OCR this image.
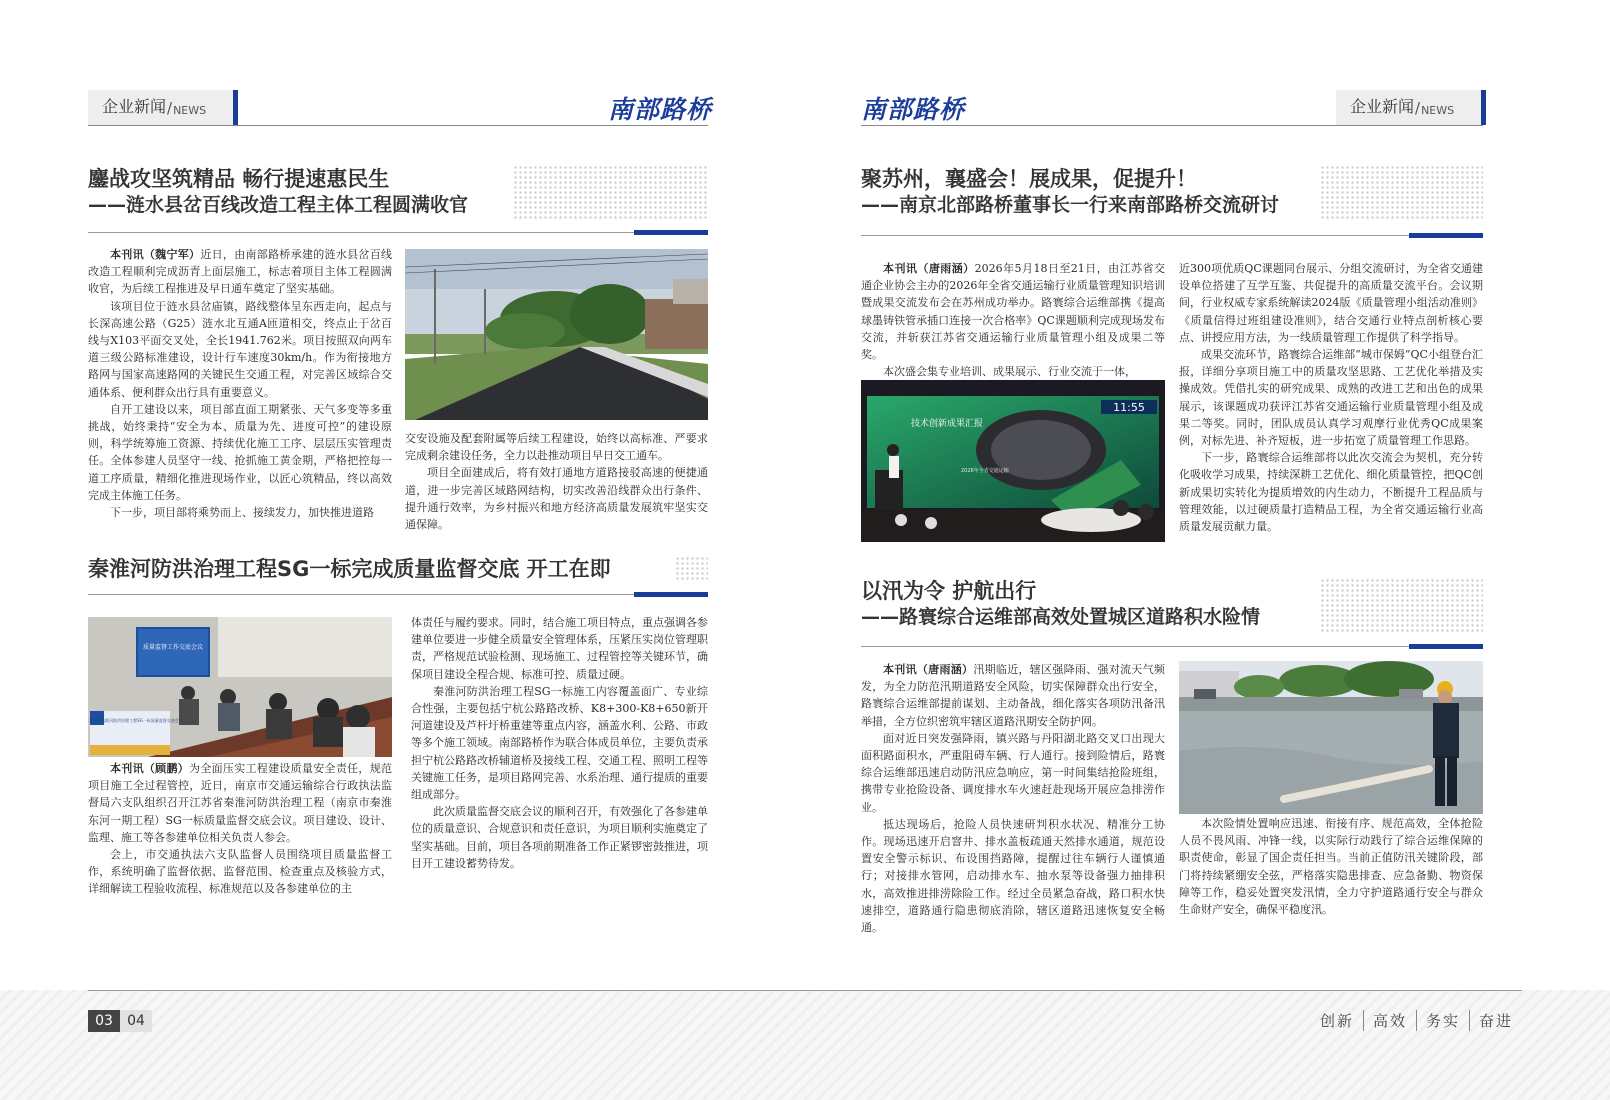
企业新闻 / NEWS	南部路桥
鏖战攻坚筑精品 畅行提速惠民生
——涟水县岔百线改造工程主体工程圆满收官

本刊讯（魏宁军）近日，由南部路桥承建的涟水县岔百线改造工程顺利完成沥青上面层施工，标志着项目主体工程圆满收官，为后续工程推进及早日通车奠定了坚实基础。

该项目位于涟水县岔庙镇，路线整体呈东西走向，起点与长深高速公路（G25）涟水北互通A匝道相交，终点止于岔百线与X103平面交叉处，全长1941.762米。项目按照双向两车道三级公路标准建设，设计行车速度30km/h。作为衔接地方路网与国家高速路网的关键民生交通工程，对完善区域综合交通体系、便利群众出行具有重要意义。

自开工建设以来，项目部直面工期紧张、天气多变等多重挑战，始终秉持“安全为本、质量为先、进度可控”的建设原则，科学统筹施工资源、持续优化施工工序、层层压实管理责任。全体参建人员坚守一线、抢抓施工黄金期，严格把控每一道工序质量，精细化推进现场作业，以匠心筑精品，终以高效完成主体施工任务。

下一步，项目部将乘势而上、接续发力，加快推进道路

交安设施及配套附属等后续工程建设，始终以高标准、严要求完成剩余建设任务，全力以赴推动项目早日交工通车。

项目全面建成后，将有效打通地方道路接驳高速的便捷通道，进一步完善区域路网结构，切实改善沿线群众出行条件、提升通行效率，为乡村振兴和地方经济高质量发展筑牢坚实交通保障。

秦淮河防洪治理工程SG一标完成质量监督交底 开工在即
质量监督工作交底会议
江苏省秦淮河防洪治理工程SG一标质量监督交底会议

本刊讯（顾鹏）为全面压实工程建设质量安全责任，规范项目施工全过程管控，近日，南京市交通运输综合行政执法监督局六支队组织召开江苏省秦淮河防洪治理工程（南京市秦淮东河一期工程）SG一标质量监督交底会议。项目建设、设计、监理、施工等各参建单位相关负责人参会。

会上，市交通执法六支队监督人员围绕项目质量监督工作，系统明确了监督依据、监督范围、检查重点及核验方式，详细解读工程验收流程、标准规范以及各参建单位的主

体责任与履约要求。同时，结合施工项目特点，重点强调各参建单位要进一步健全质量安全管理体系，压紧压实岗位管理职责，严格规范试验检测、现场施工、过程管控等关键环节，确保项目建设全程合规、标准可控、质量过硬。

秦淮河防洪治理工程SG一标施工内容覆盖面广、专业综合性强，主要包括宁杭公路路改桥、K8+300-K8+650新开河道建设及芦杆圩桥重建等重点内容，涵盖水利、公路、市政等多个施工领域。南部路桥作为联合体成员单位，主要负责承担宁杭公路路改桥辅道桥及接线工程、交通工程、照明工程等关键施工任务，是项目路网完善、水系治理、通行提质的重要组成部分。

此次质量监督交底会议的顺利召开，有效强化了各参建单位的质量意识、合规意识和责任意识，为项目顺利实施奠定了坚实基础。目前，项目各项前期准备工作正紧锣密鼓推进，项目开工建设蓄势待发。

南部路桥	企业新闻 / NEWS
聚苏州，襄盛会！展成果，促提升！
——南京北部路桥董事长一行来南部路桥交流研讨

本刊讯（唐雨涵）2026年5月18日至21日，由江苏省交通企业协会主办的2026年全省交通运输行业质量管理知识培训暨成果交流发布会在苏州成功举办。路寰综合运维部携《提高球墨铸铁管承插口连接一次合格率》QC课题顺利完成现场发布交流，并斩获江苏省交通运输行业质量管理小组及成果二等奖。

本次盛会集专业培训、成果展示、行业交流于一体，

11:55
技术创新成果汇报
2026年全省交通运输

近300项优质QC课题同台展示、分组交流研讨，为全省交通建设单位搭建了互学互鉴、共促提升的高质量交流平台。会议期间，行业权威专家系统解读2024版《质量管理小组活动准则》《质量信得过班组建设准则》，结合交通行业特点剖析核心要点、讲授应用方法，为一线质量管理工作提供了科学指导。

成果交流环节，路寰综合运维部“城市保姆”QC小组登台汇报，详细分享项目施工中的质量攻坚思路、工艺优化举措及实操成效。凭借扎实的研究成果、成熟的改进工艺和出色的成果展示，该课题成功获评江苏省交通运输行业质量管理小组及成果二等奖。同时，团队成员认真学习观摩行业优秀QC成果案例，对标先进、补齐短板，进一步拓宽了质量管理工作思路。

下一步，路寰综合运维部将以此次交流会为契机，充分转化吸收学习成果，持续深耕工艺优化、细化质量管控，把QC创新成果切实转化为提质增效的内生动力，不断提升工程品质与管理效能，以过硬质量打造精品工程，为全省交通运输行业高质量发展贡献力量。

以汛为令 护航出行
——路寰综合运维部高效处置城区道路积水险情

本刊讯（唐雨涵）汛期临近，辖区强降雨、强对流天气频发，为全力防范汛期道路安全风险，切实保障群众出行安全，路寰综合运维部提前谋划、主动备战，细化落实各项防汛备汛举措，全方位织密筑牢辖区道路汛期安全防护网。

面对近日突发强降雨，镇兴路与丹阳湖北路交叉口出现大面积路面积水，严重阻碍车辆、行人通行。接到险情后，路寰综合运维部迅速启动防汛应急响应，第一时间集结抢险班组，携带专业抢险设备、调度排水车火速赶赴现场开展应急排涝作业。

抵达现场后，抢险人员快速研判积水状况、精准分工协作。现场迅速开启窨井、排水盖板疏通天然排水通道，规范设置安全警示标识、布设围挡路障，提醒过往车辆行人谨慎通行；对接排水管网，启动排水车、抽水泵等设备强力抽排积水，高效推进排涝除险工作。经过全员紧急奋战，路口积水快速排空，道路通行隐患彻底消除，辖区道路迅速恢复安全畅通。

本次险情处置响应迅速、衔接有序、规范高效，全体抢险人员不畏风雨、冲锋一线，以实际行动践行了综合运维保障的职责使命，彰显了国企责任担当。当前正值防汛关键阶段，部门将持续紧绷安全弦，严格落实隐患排查、应急备勤、物资保障等工作，稳妥处置突发汛情，全力守护道路通行安全与群众生命财产安全，确保平稳度汛。

03	04	创新	高效	务实	奋进
